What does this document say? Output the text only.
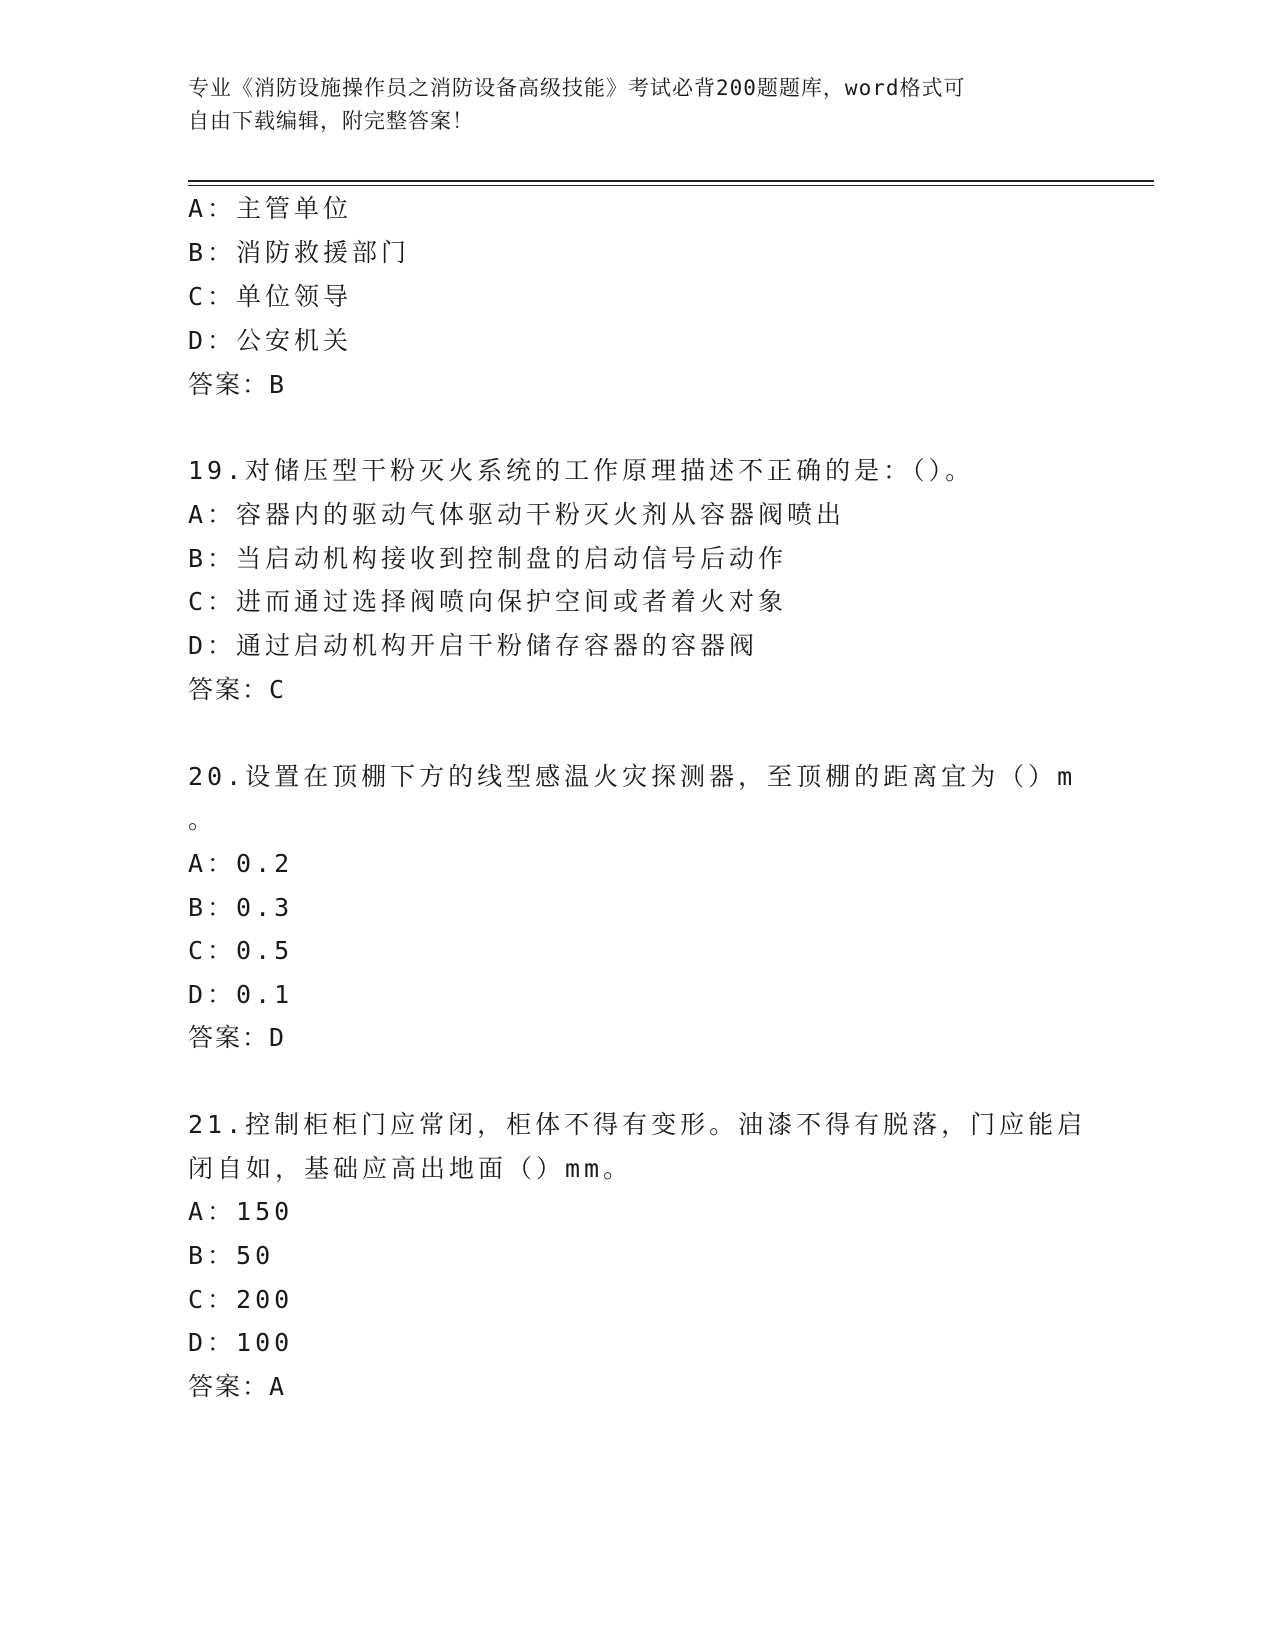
专业《消防设施操作员之消防设备高级技能》考试必背200题题库，word格式可
自由下载编辑，附完整答案！
A：主管单位
B：消防救援部门
C：单位领导
D：公安机关
答案：B
19.对储压型干粉灭火系统的工作原理描述不正确的是：（）。
A：容器内的驱动气体驱动干粉灭火剂从容器阀喷出
B：当启动机构接收到控制盘的启动信号后动作
C：进而通过选择阀喷向保护空间或者着火对象
D：通过启动机构开启干粉储存容器的容器阀
答案：C
20.设置在顶棚下方的线型感温火灾探测器，至顶棚的距离宜为（）m
。
A：0.2
B：0.3
C：0.5
D：0.1
答案：D
21.控制柜柜门应常闭，柜体不得有变形。油漆不得有脱落，门应能启
闭自如，基础应高出地面（）mm。
A：150
B：50
C：200
D：100
答案：A
